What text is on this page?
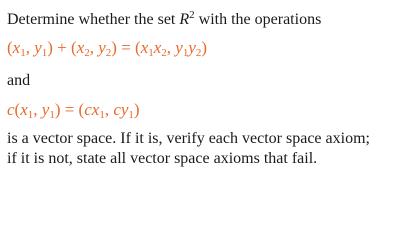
Determine whether the set $R^2$ with the operations
($x_1$, $y_1) + (x_2$, $y_2) = (x_1x_2$, $y_1y_2$)
and
$c(x_1$, $y_1) = (cx_1$, $cy_1$)
is a vector space. If it is, verify each vector space axiom;
if it is not, state all vector space axioms that fail.
